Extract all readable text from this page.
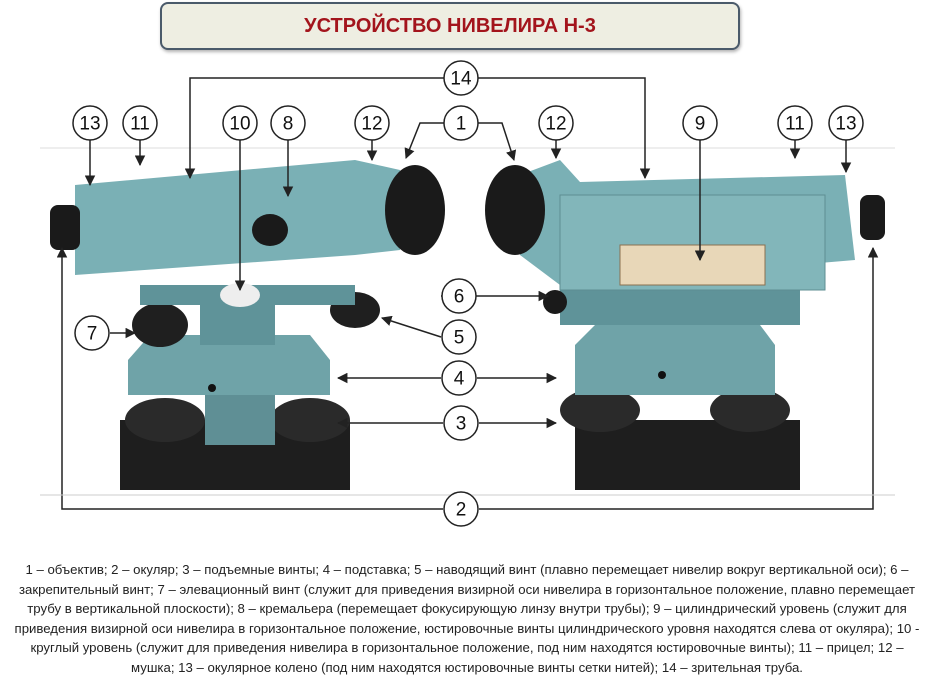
УСТРОЙСТВО НИВЕЛИРА Н-3
13 11	10 8	12	1	12	9	11 13
14
6
7	5
4
3
2
1 – объектив; 2 – окуляр; 3 – подъемные винты; 4 – подставка; 5 – наводящий винт (плавно перемещает нивелир вокруг вертикальной оси); 6 – закрепительный винт; 7 – элевационный винт (служит для приведения визирной оси нивелира в горизонтальное положение, плавно перемещает трубу в вертикальной плоскости); 8 – кремальера (перемещает фокусирующую линзу внутри трубы); 9 – цилиндрический уровень (служит для приведения визирной оси нивелира в горизонтальное положение, юстировочные винты цилиндрического уровня находятся слева от окуляра); 10 - круглый уровень (служит для приведения нивелира в горизонтальное положение, под ним находятся юстировочные винты); 11 – прицел; 12 – мушка; 13 – окулярное колено (под ним находятся юстировочные винты сетки нитей); 14 – зрительная труба.
